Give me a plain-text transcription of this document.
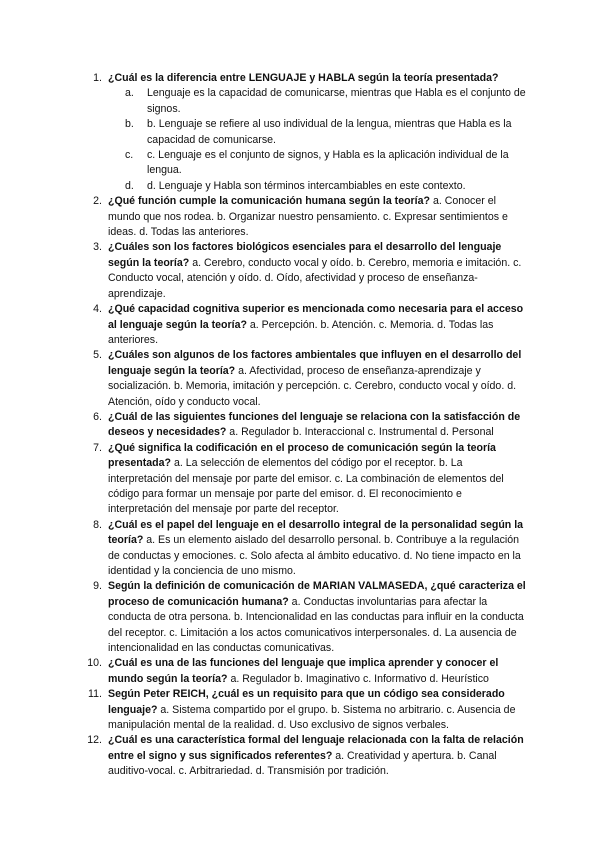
1. ¿Cuál es la diferencia entre LENGUAJE y HABLA según la teoría presentada?
a. Lenguaje es la capacidad de comunicarse, mientras que Habla es el conjunto de signos.
b. b. Lenguaje se refiere al uso individual de la lengua, mientras que Habla es la capacidad de comunicarse.
c. c. Lenguaje es el conjunto de signos, y Habla es la aplicación individual de la lengua.
d. d. Lenguaje y Habla son términos intercambiables en este contexto.
2. ¿Qué función cumple la comunicación humana según la teoría? a. Conocer el mundo que nos rodea. b. Organizar nuestro pensamiento. c. Expresar sentimientos e ideas. d. Todas las anteriores.
3. ¿Cuáles son los factores biológicos esenciales para el desarrollo del lenguaje según la teoría? a. Cerebro, conducto vocal y oído. b. Cerebro, memoria e imitación. c. Conducto vocal, atención y oído. d. Oído, afectividad y proceso de enseñanza-aprendizaje.
4. ¿Qué capacidad cognitiva superior es mencionada como necesaria para el acceso al lenguaje según la teoría? a. Percepción. b. Atención. c. Memoria. d. Todas las anteriores.
5. ¿Cuáles son algunos de los factores ambientales que influyen en el desarrollo del lenguaje según la teoría? a. Afectividad, proceso de enseñanza-aprendizaje y socialización. b. Memoria, imitación y percepción. c. Cerebro, conducto vocal y oído. d. Atención, oído y conducto vocal.
6. ¿Cuál de las siguientes funciones del lenguaje se relaciona con la satisfacción de deseos y necesidades? a. Regulador b. Interaccional c. Instrumental d. Personal
7. ¿Qué significa la codificación en el proceso de comunicación según la teoría presentada? a. La selección de elementos del código por el receptor. b. La interpretación del mensaje por parte del emisor. c. La combinación de elementos del código para formar un mensaje por parte del emisor. d. El reconocimiento e interpretación del mensaje por parte del receptor.
8. ¿Cuál es el papel del lenguaje en el desarrollo integral de la personalidad según la teoría? a. Es un elemento aislado del desarrollo personal. b. Contribuye a la regulación de conductas y emociones. c. Solo afecta al ámbito educativo. d. No tiene impacto en la identidad y la conciencia de uno mismo.
9. Según la definición de comunicación de MARIAN VALMASEDA, ¿qué caracteriza el proceso de comunicación humana? a. Conductas involuntarias para afectar la conducta de otra persona. b. Intencionalidad en las conductas para influir en la conducta del receptor. c. Limitación a los actos comunicativos interpersonales. d. La ausencia de intencionalidad en las conductas comunicativas.
10. ¿Cuál es una de las funciones del lenguaje que implica aprender y conocer el mundo según la teoría? a. Regulador b. Imaginativo c. Informativo d. Heurístico
11. Según Peter REICH, ¿cuál es un requisito para que un código sea considerado lenguaje? a. Sistema compartido por el grupo. b. Sistema no arbitrario. c. Ausencia de manipulación mental de la realidad. d. Uso exclusivo de signos verbales.
12. ¿Cuál es una característica formal del lenguaje relacionada con la falta de relación entre el signo y sus significados referentes? a. Creatividad y apertura. b. Canal auditivo-vocal. c. Arbitrariedad. d. Transmisión por tradición.
